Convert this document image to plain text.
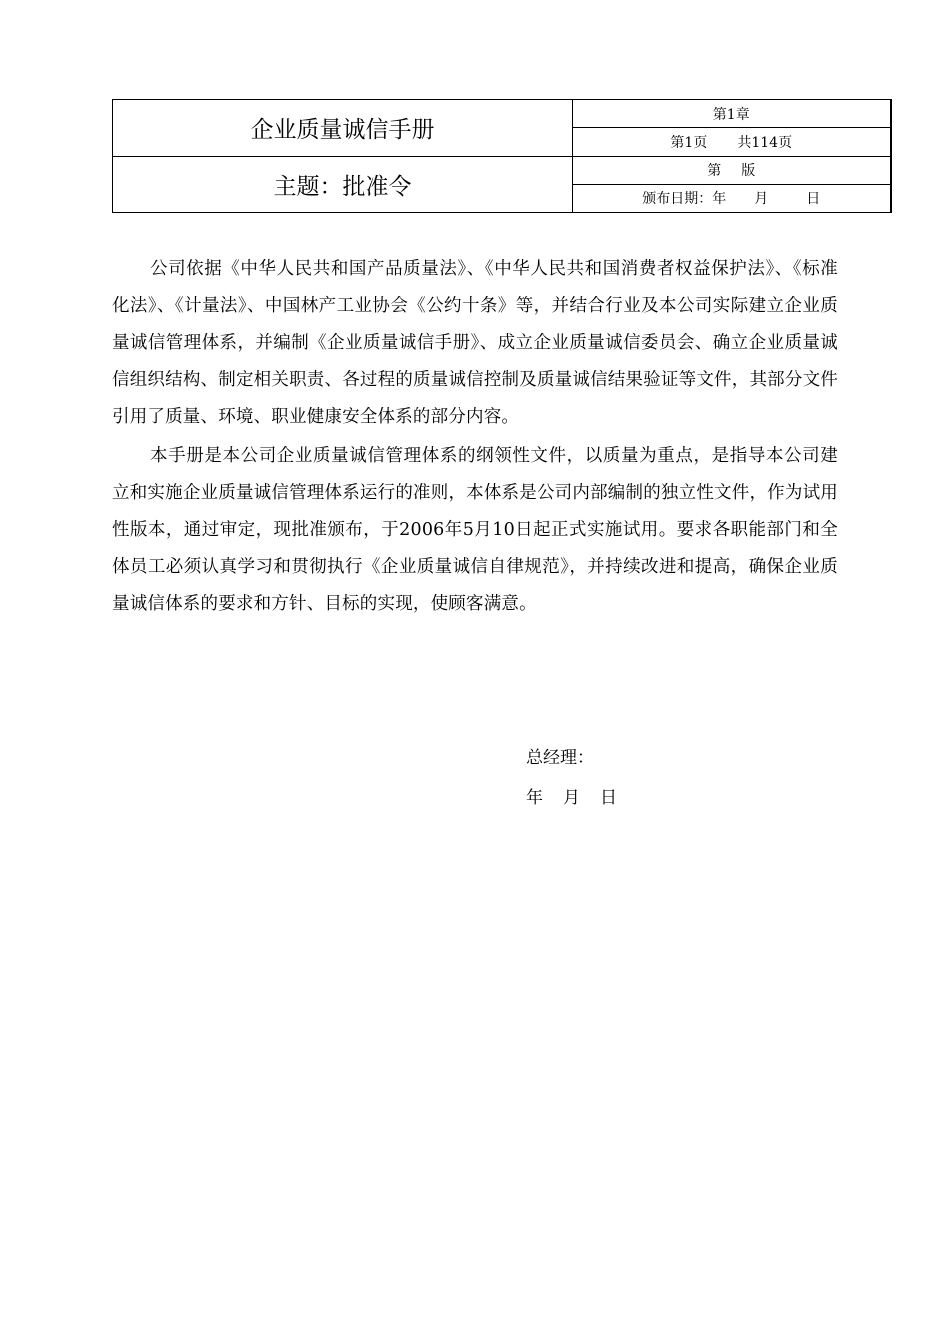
企业质量诚信手册	第1章
	第1页 共114页
主题：批准令	第 版
	颁布日期：年 月 日

公司依据《中华人民共和国产品质量法》、《中华人民共和国消费者权益保护法》、《标准化法》、《计量法》、中国林产工业协会《公约十条》等，并结合行业及本公司实际建立企业质量诚信管理体系，并编制《企业质量诚信手册》、成立企业质量诚信委员会、确立企业质量诚信组织结构、制定相关职责、各过程的质量诚信控制及质量诚信结果验证等文件，其部分文件引用了质量、环境、职业健康安全体系的部分内容。

本手册是本公司企业质量诚信管理体系的纲领性文件，以质量为重点，是指导本公司建立和实施企业质量诚信管理体系运行的准则，本体系是公司内部编制的独立性文件，作为试用性版本，通过审定，现批准颁布，于2006年5月10日起正式实施试用。要求各职能部门和全体员工必须认真学习和贯彻执行《企业质量诚信自律规范》，并持续改进和提高，确保企业质量诚信体系的要求和方针、目标的实现，使顾客满意。

总经理：
年 月 日
